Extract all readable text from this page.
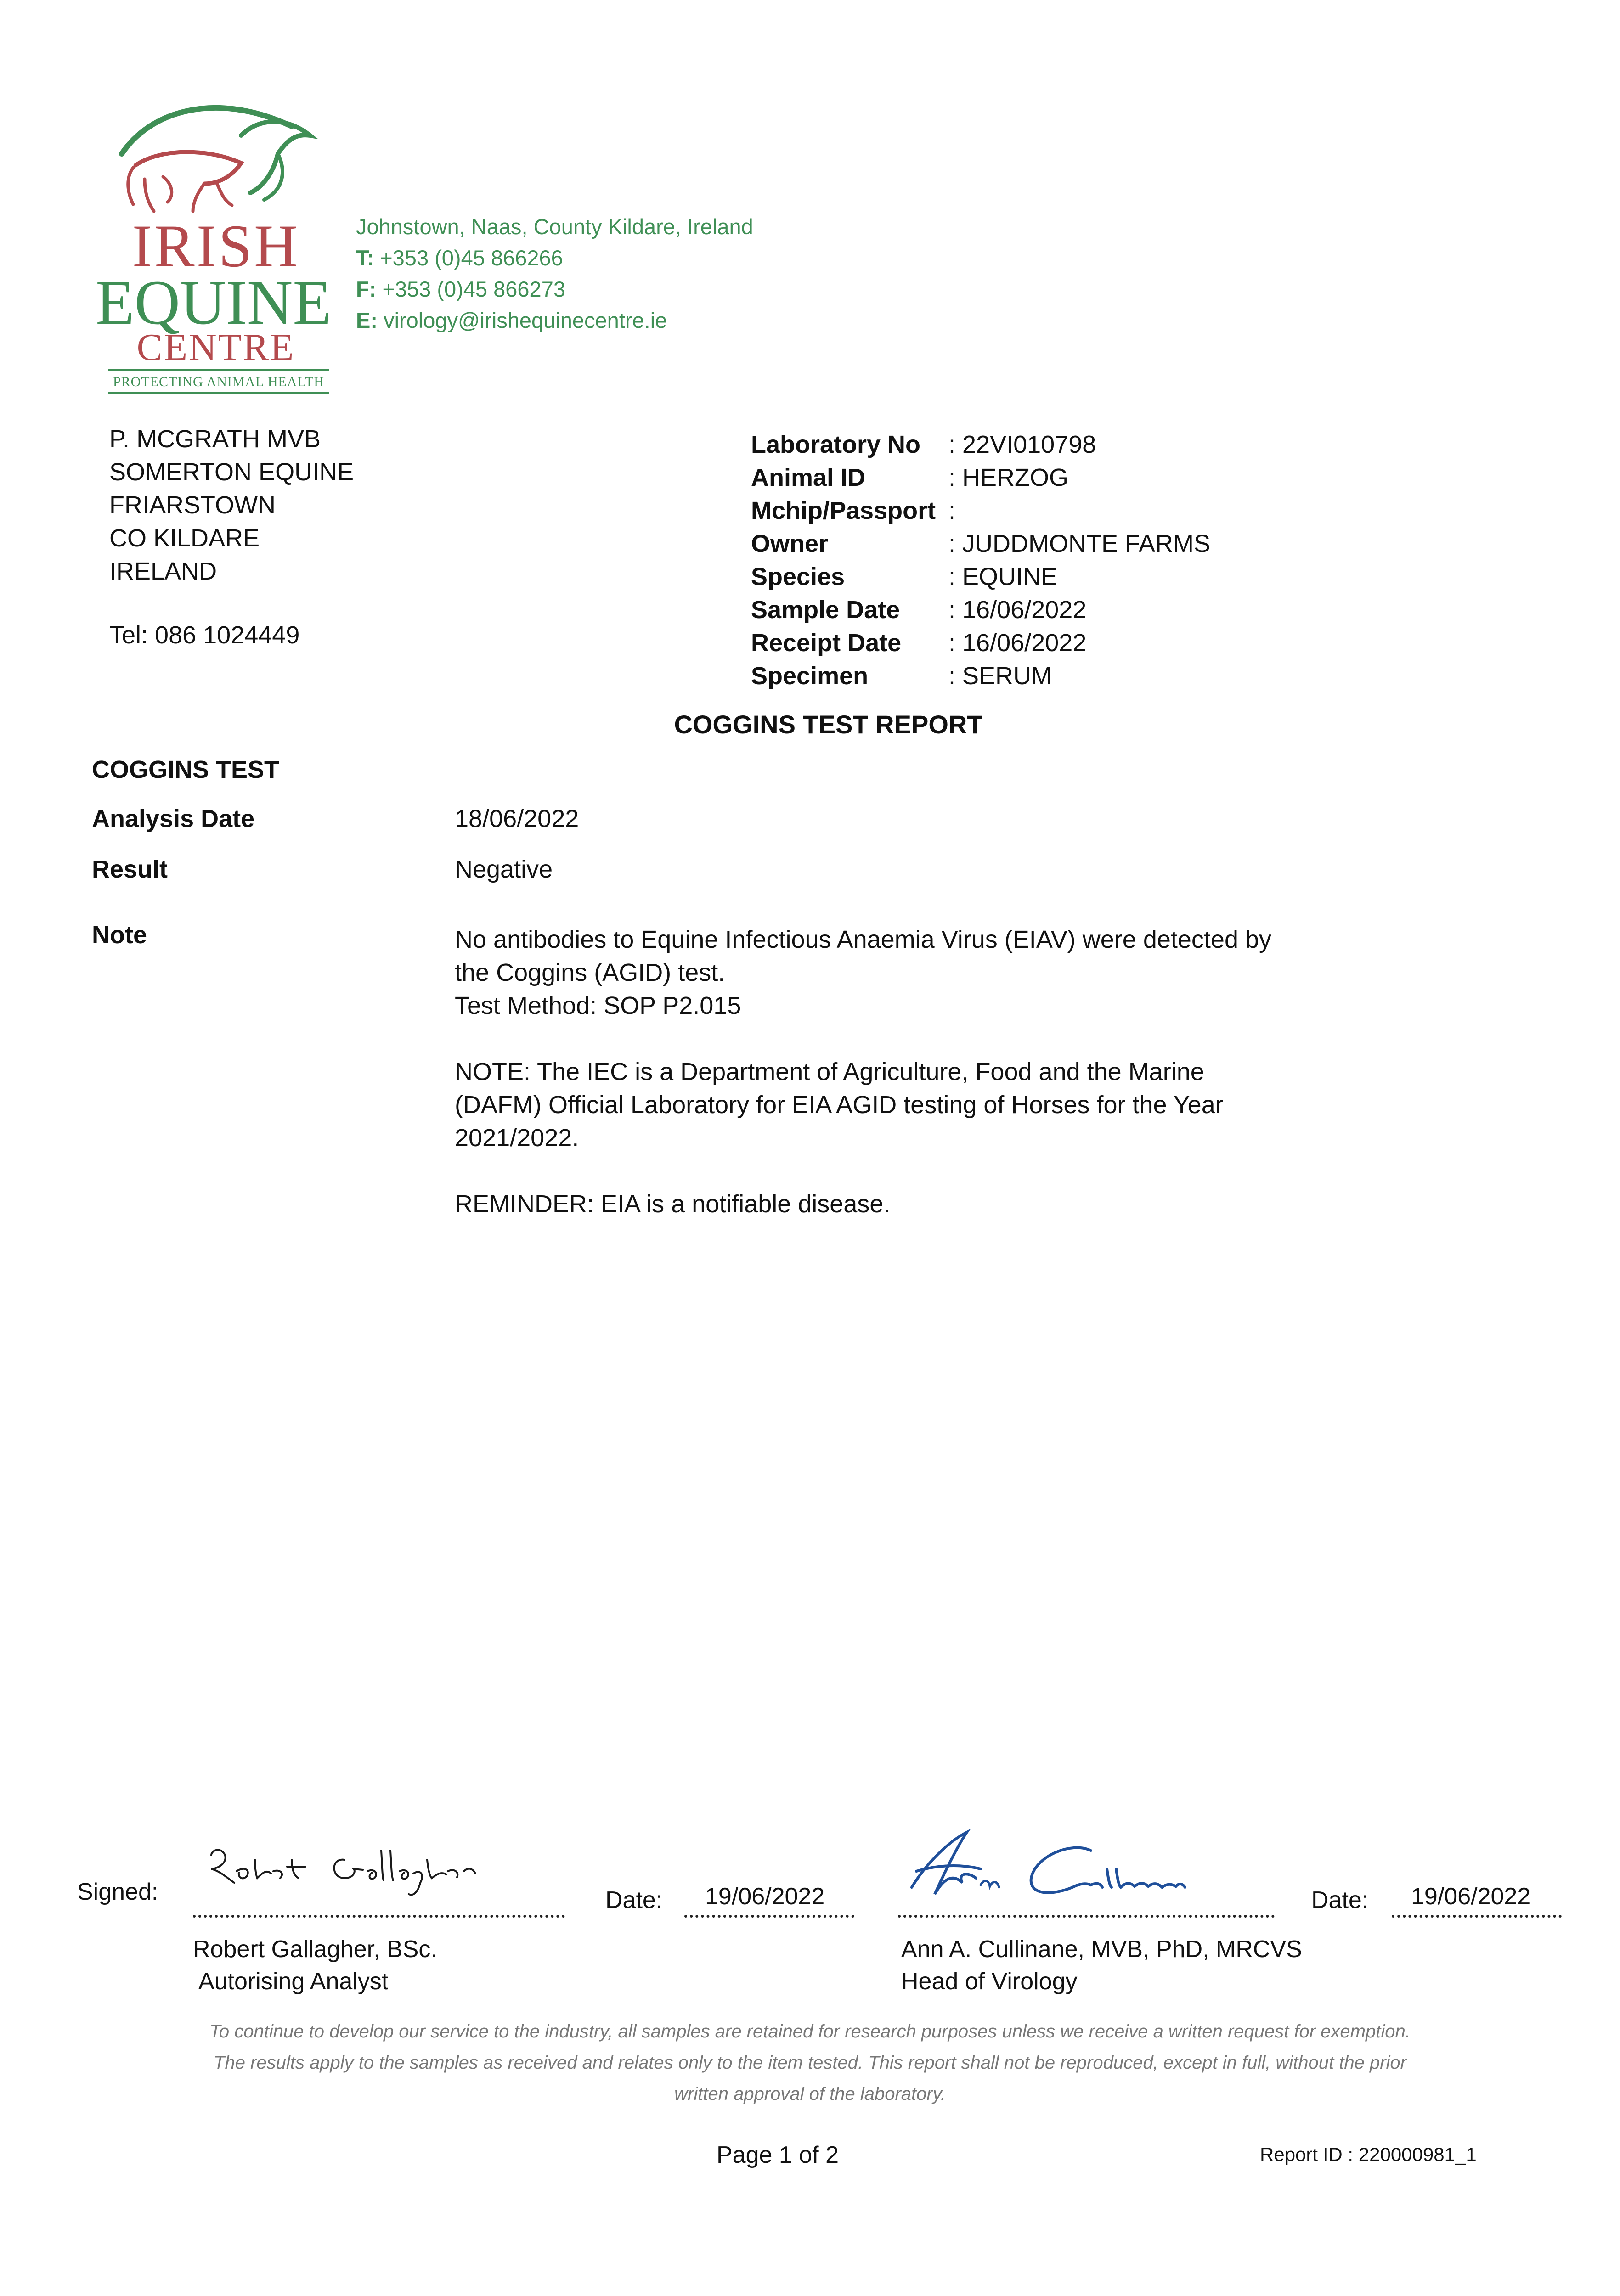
IRISH
EQUINE
CENTRE
PROTECTING ANIMAL HEALTH
Johnstown, Naas, County Kildare, Ireland
T: +353 (0)45 866266
F: +353 (0)45 866273
E: virology@irishequinecentre.ie
P. MCGRATH MVB
SOMERTON EQUINE
FRIARSTOWN
CO KILDARE
IRELAND
Tel: 086 1024449
Laboratory No	: 22VI010798
Animal ID	: HERZOG
Mchip/Passport :
Owner	: JUDDMONTE FARMS
Species	: EQUINE
Sample Date	: 16/06/2022
Receipt Date	: 16/06/2022
Specimen	: SERUM
COGGINS TEST REPORT
COGGINS TEST
Analysis Date	18/06/2022
Result	Negative
Note	No antibodies to Equine Infectious Anaemia Virus (EIAV) were detected by
the Coggins (AGID) test.
Test Method: SOP P2.015

NOTE: The IEC is a Department of Agriculture, Food and the Marine
(DAFM) Official Laboratory for EIA AGID testing of Horses for the Year
2021/2022.

REMINDER: EIA is a notifiable disease.

Signed:	Date: 19/06/2022
Robert Gallagher, BSc.
Autorising Analyst
Date: 19/06/2022
Ann A. Cullinane, MVB, PhD, MRCVS
Head of Virology
To continue to develop our service to the industry, all samples are retained for research purposes unless we receive a written request for exemption.
The results apply to the samples as received and relates only to the item tested. This report shall not be reproduced, except in full, without the prior
written approval of the laboratory.
Page 1 of 2	Report ID : 220000981_1
